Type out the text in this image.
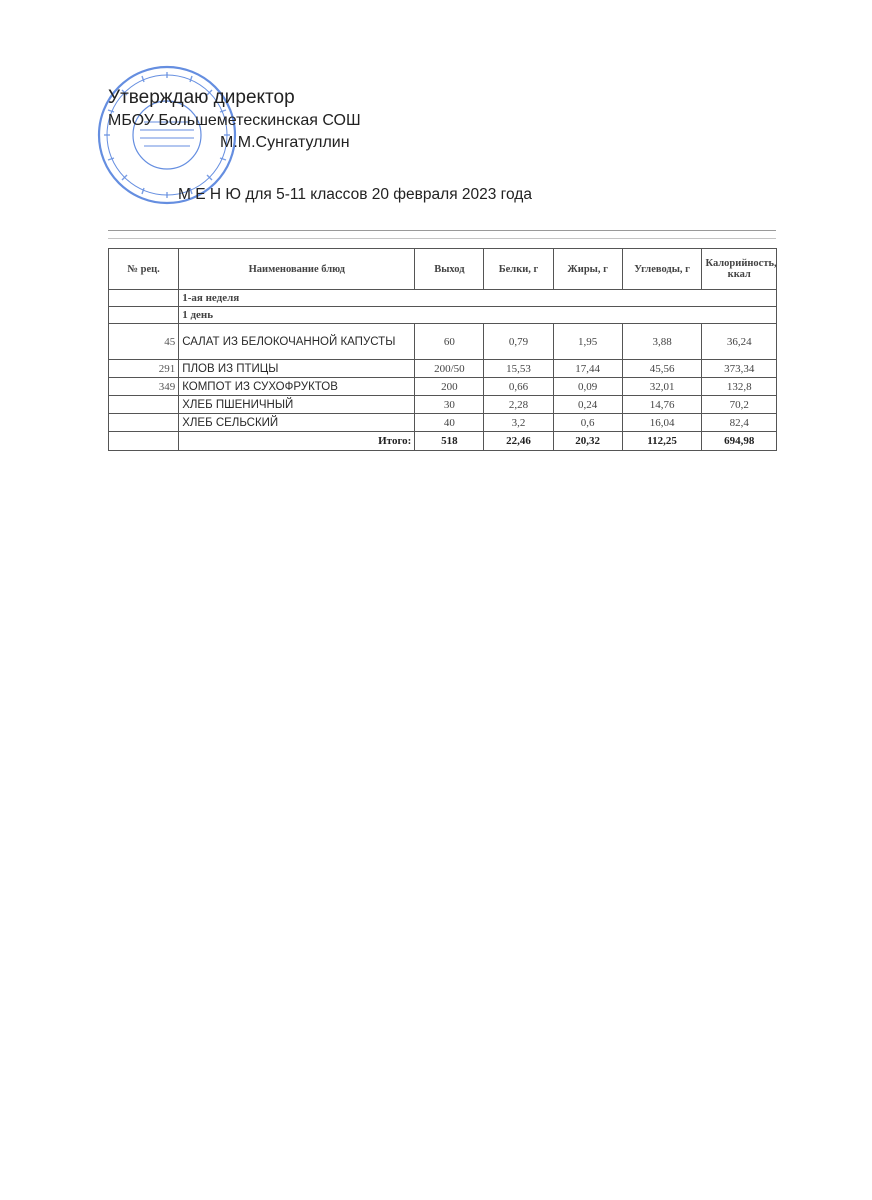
Утверждаю директор
МБОУ Большеметескинская СОШ
М.М.Сунгатуллин
М Е Н Ю для 5-11 классов 20 февраля 2023 года
№ рец.	Наименование блюд	Выход	Белки, г	Жиры, г	Углеводы, г	Калорийность, ккал
	1-ая неделя					
	1 день					
45	САЛАТ ИЗ БЕЛОКОЧАННОЙ КАПУСТЫ	60	0,79	1,95	3,88	36,24
291	ПЛОВ ИЗ ПТИЦЫ	200/50	15,53	17,44	45,56	373,34
349	КОМПОТ ИЗ СУХОФРУКТОВ	200	0,66	0,09	32,01	132,8
	ХЛЕБ ПШЕНИЧНЫЙ	30	2,28	0,24	14,76	70,2
	ХЛЕБ СЕЛЬСКИЙ	40	3,2	0,6	16,04	82,4
	Итого:	518	22,46	20,32	112,25	694,98
